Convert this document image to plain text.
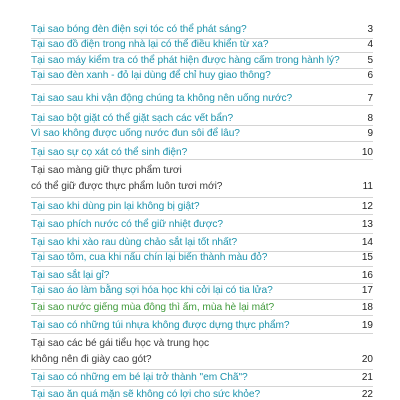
Tại sao bóng đèn điện sợi tóc có thể phát sáng?	3
Tại sao đồ điện trong nhà lại có thể điều khiển từ xa?	4
Tại sao máy kiểm tra có thể phát hiện được hàng cấm trong hành lý?	5
Tại sao đèn xanh - đỏ lại dùng để chỉ huy giao thông?	6
Tại sao sau khi vận động chúng ta không nên uống nước?	7
Tại sao bột giặt có thể giặt sạch các vết bẩn?	8
Vì sao không được uống nước đun sôi để lâu?	9
Tại sao sự cọ xát có thể sinh điện?	10
Tại sao màng giữ thực phẩm tươi
có thể giữ được thực phẩm luôn tươi mới?	11
Tại sao khi dùng pin lại không bị giật?	12
Tại sao phích nước có thể giữ nhiệt được?	13
Tại sao khi xào rau dùng chảo sắt lại tốt nhất?	14
Tại sao tôm, cua khi nấu chín lại biến thành màu đỏ?	15
Tại sao sắt lại gỉ?	16
Tại sao áo làm bằng sợi hóa học khi cởi lại có tia lửa?	17
Tại sao nước giếng mùa đông thì ấm, mùa hè lại mát?	18
Tại sao có những túi nhựa không được dựng thực phẩm?	19
Tại sao các bé gái tiểu học và trung học
không nên đi giày cao gót?	20
Tại sao có những em bé lại trở thành "em Chã"?	21
Tại sao ăn quá mặn sẽ không có lợi cho sức khỏe?	22
